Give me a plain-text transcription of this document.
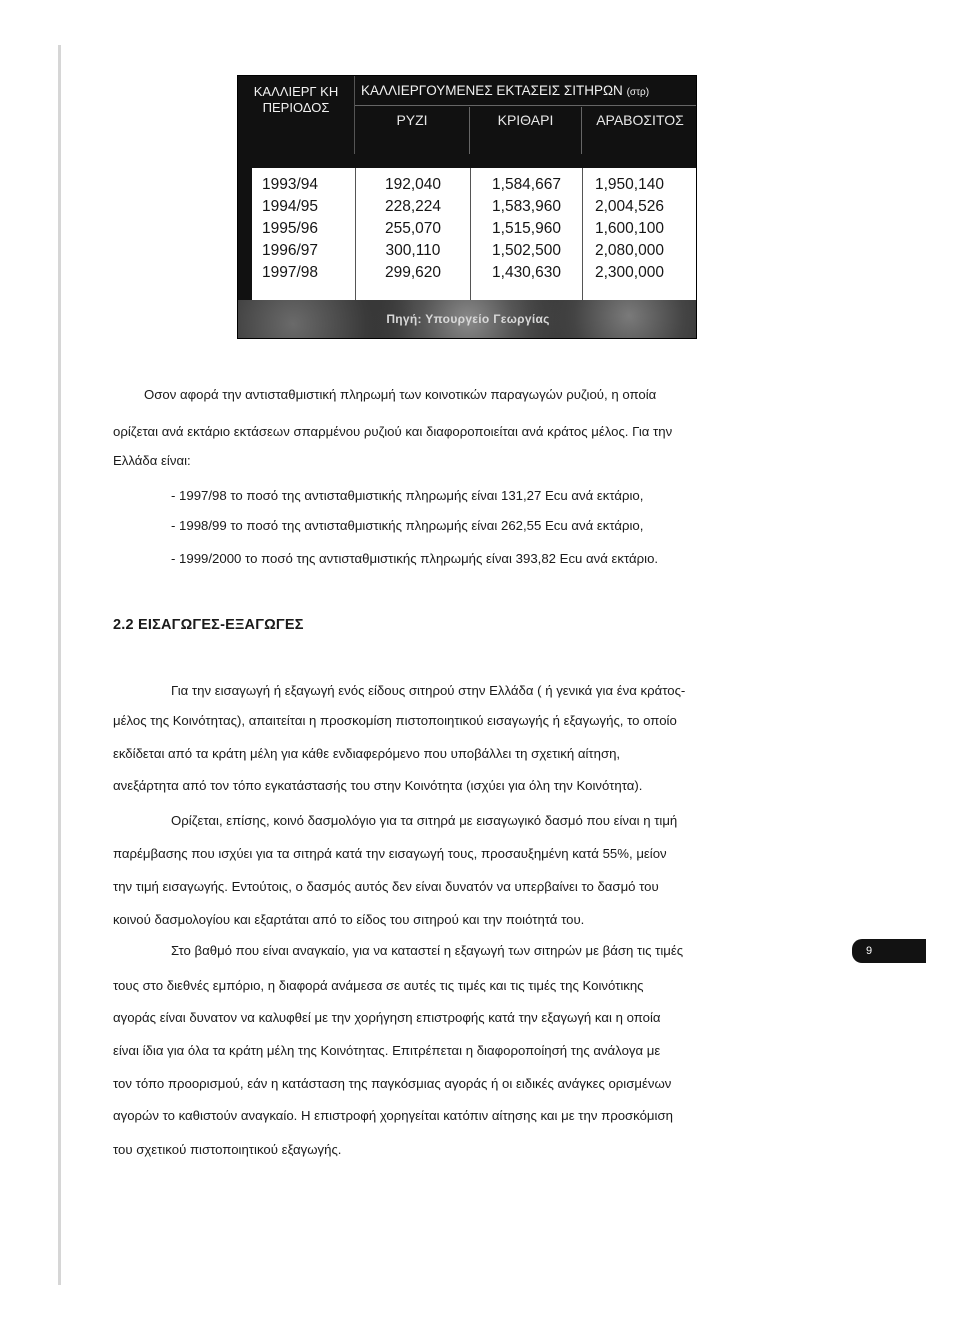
ΚΑΛΛΙΕΡΓ ΚΗ
ΠΕΡΙΟΔΟΣ
ΚΑΛΛΙΕΡΓΟΥΜΕΝΕΣ ΕΚΤΑΣΕΙΣ ΣΙΤΗΡΩΝ (στρ)
ΡΥΖΙ	ΚΡΙΘΑΡΙ	ΑΡΑΒΟΣΙΤΟΣ
1993/94
1994/95
1995/96
1996/97
1997/98
192,040
228,224
255,070
300,110
299,620
1,584,667
1,583,960
1,515,960
1,502,500
1,430,630
1,950,140
2,004,526
1,600,100
2,080,000
2,300,000
Πηγή: Υπουργείο Γεωργίας

Οσον αφορά την αντισταθμιστική πληρωμή των κοινοτικών παραγωγών ρυζιού, η οποία

ορίζεται ανά εκτάριο εκτάσεων σπαρμένου ρυζιού και διαφοροποιείται ανά κράτος μέλος. Για την

Ελλάδα είναι:

- 1997/98 το ποσό της αντισταθμιστικής πληρωμής είναι 131,27 Ecu ανά εκτάριο,

- 1998/99 το ποσό της αντισταθμιστικής πληρωμής είναι 262,55 Ecu ανά εκτάριο,

- 1999/2000 το ποσό της αντισταθμιστικής πληρωμής είναι 393,82 Ecu ανά εκτάριο.

2.2 ΕΙΣΑΓΩΓΕΣ-ΕΞΑΓΩΓΕΣ

Για την εισαγωγή ή εξαγωγή ενός είδους σιτηρού στην Ελλάδα ( ή γενικά για ένα κράτος-

μέλος της Κοινότητας), απαιτείται η προσκομίση πιστοποιητικού εισαγωγής ή εξαγωγής, το οποίο

εκδίδεται από τα κράτη μέλη για κάθε ενδιαφερόμενο που υποβάλλει τη σχετική αίτηση,

ανεξάρτητα από τον τόπο εγκατάστασής του στην Κοινότητα (ισχύει για όλη την Κοινότητα).

Ορίζεται, επίσης, κοινό δασμολόγιο για τα σιτηρά με εισαγωγικό δασμό που είναι η τιμή

παρέμβασης που ισχύει για τα σιτηρά κατά την εισαγωγή τους, προσαυξημένη κατά 55%, μείον

την τιμή εισαγωγής. Εντούτοις, ο δασμός αυτός δεν είναι δυνατόν να υπερβαίνει το δασμό του

κοινού δασμολογίου και εξαρτάται από το είδος του σιτηρού και την ποιότητά του.

Στο βαθμό που είναι αναγκαίο, για να καταστεί η εξαγωγή των σιτηρών με βάση τις τιμές

τους στο διεθνές εμπόριο, η διαφορά ανάμεσα σε αυτές τις τιμές και τις τιμές της Κοινότικης

αγοράς είναι δυνατον να καλυφθεί με την χορήγηση επιστροφής κατά την εξαγωγή και η οποία

είναι ίδια για όλα τα κράτη μέλη της Κοινότητας. Επιτρέπεται η διαφοροποίησή της ανάλογα με

τον τόπο προορισμού, εάν η κατάσταση της παγκόσμιας αγοράς ή οι ειδικές ανάγκες ορισμένων

αγορών το καθιστούν αναγκαίο. Η επιστροφή χορηγείται κατόπιν αίτησης και με την προσκόμιση

του σχετικού πιστοποιητικού εξαγωγής.

9
